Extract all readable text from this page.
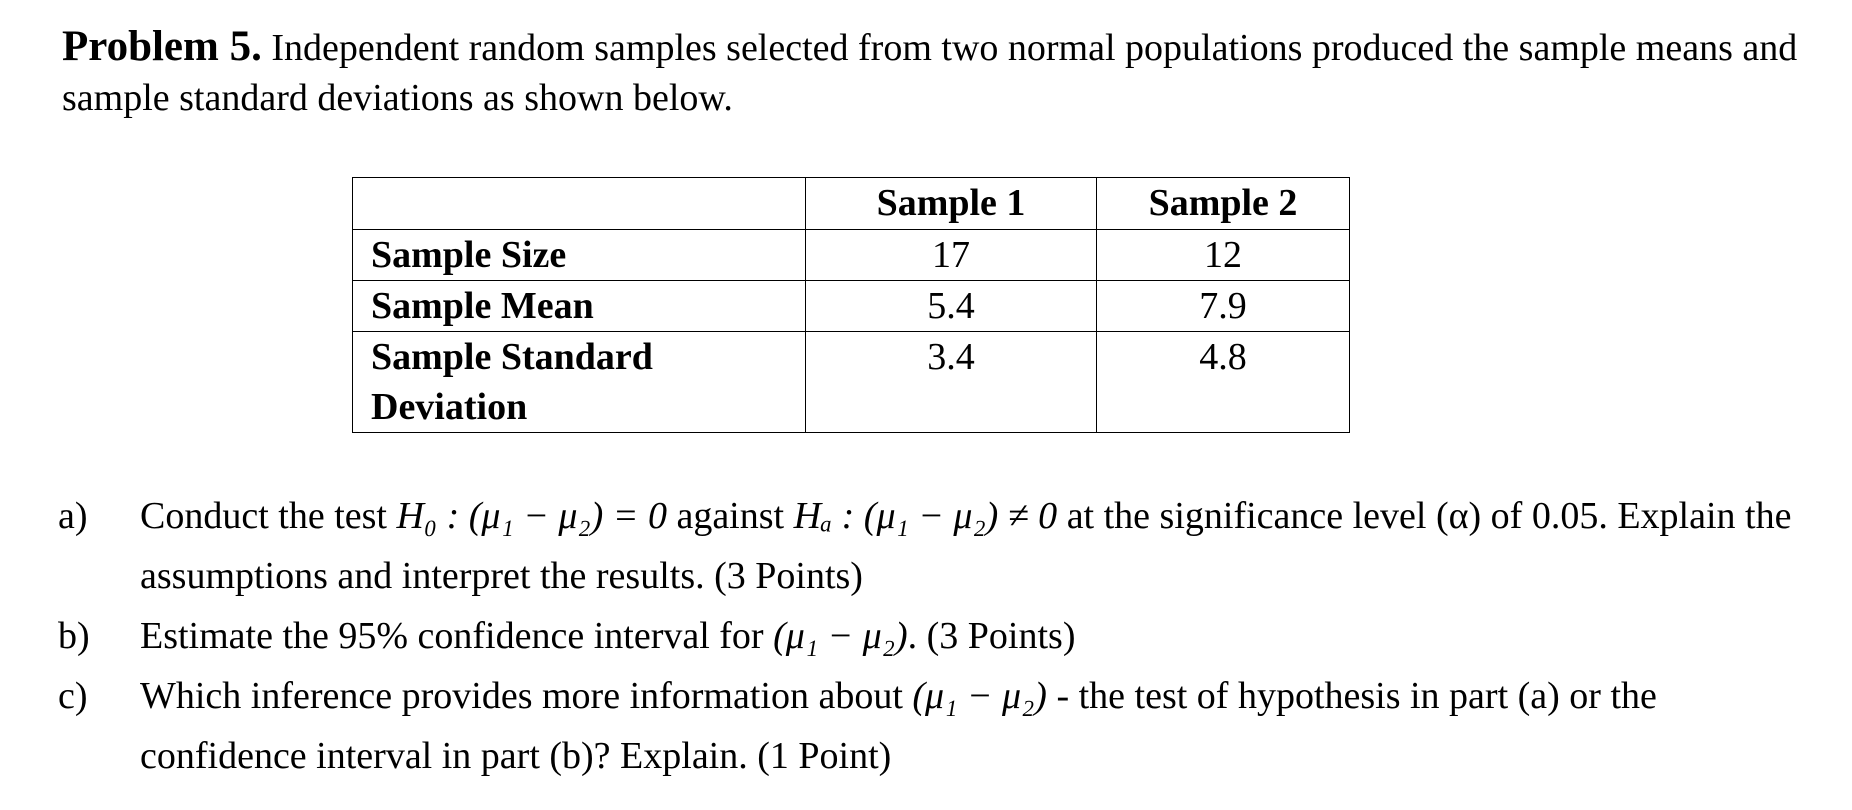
Problem 5. Independent random samples selected from two normal populations produced the sample means and sample standard deviations as shown below.
	Sample 1	Sample 2
Sample Size	17	12
Sample Mean	5.4	7.9
Sample Standard Deviation	3.4	4.8
a) Conduct the test H₀ : (μ₁ − μ₂) = 0 against Hₐ : (μ₁ − μ₂) ≠ 0 at the significance level (α) of 0.05. Explain the assumptions and interpret the results. (3 Points)
b) Estimate the 95% confidence interval for (μ₁ − μ₂). (3 Points)
c) Which inference provides more information about (μ₁ − μ₂) - the test of hypothesis in part (a) or the confidence interval in part (b)? Explain. (1 Point)
